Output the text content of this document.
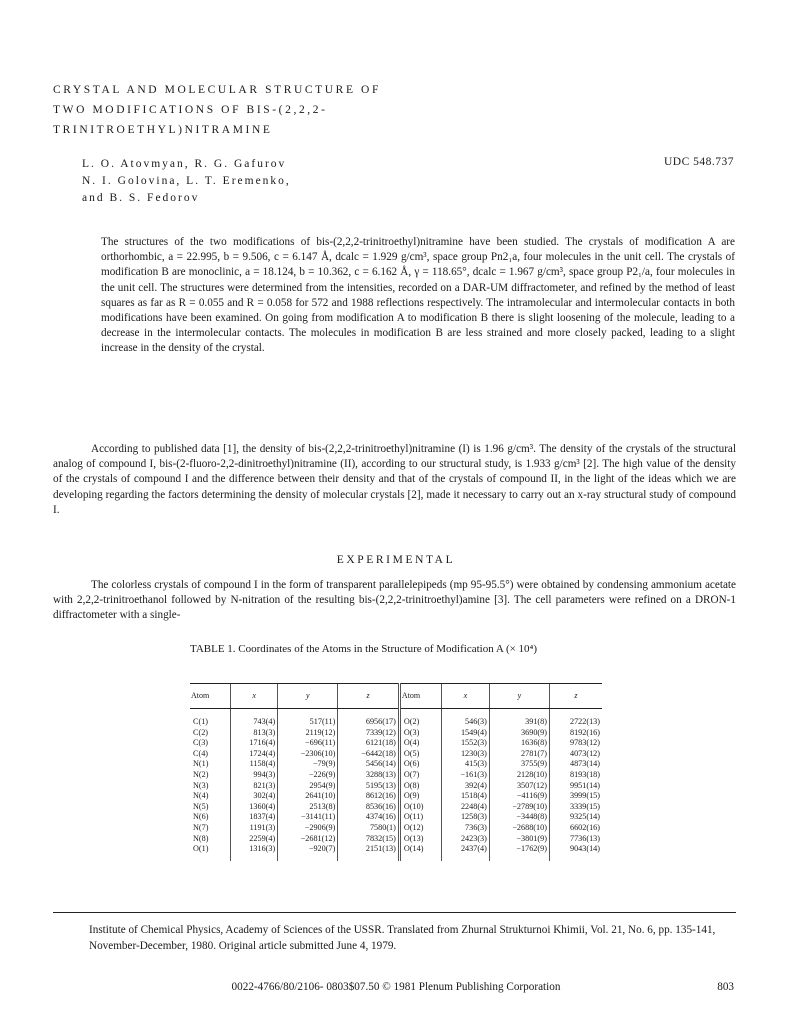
CRYSTAL AND MOLECULAR STRUCTURE OF
TWO MODIFICATIONS OF BIS-(2,2,2-
TRINITROETHYL)NITRAMINE
L. O. Atovmyan, R. G. Gafurov
N. I. Golovina, L. T. Eremenko,
and B. S. Fedorov
UDC 548.737

The structures of the two modifications of bis-(2,2,2-trinitroethyl)nitramine have been studied. The crystals of modification A are orthorhombic, a = 22.995, b = 9.506, c = 6.147 Å, dcalc = 1.929 g/cm³, space group Pn2₁a, four molecules in the unit cell. The crystals of modification B are monoclinic, a = 18.124, b = 10.362, c = 6.162 Å, γ = 118.65°, dcalc = 1.967 g/cm³, space group P2₁/a, four molecules in the unit cell. The structures were determined from the intensities, recorded on a DAR-UM diffractometer, and refined by the method of least squares as far as R = 0.055 and R = 0.058 for 572 and 1988 reflections respectively. The intramolecular and intermolecular contacts in both modifications have been examined. On going from modification A to modification B there is slight loosening of the molecule, leading to a decrease in the intermolecular contacts. The molecules in modification B are less strained and more closely packed, leading to a slight increase in the density of the crystal.

According to published data [1], the density of bis-(2,2,2-trinitroethyl)nitramine (I) is 1.96 g/cm³. The density of the crystals of the structural analog of compound I, bis-(2-fluoro-2,2-dinitroethyl)nitramine (II), according to our structural study, is 1.933 g/cm³ [2]. The high value of the density of the crystals of compound I and the difference between their density and that of the crystals of compound II, in the light of the ideas which we are developing regarding the factors determining the density of molecular crystals [2], made it necessary to carry out an x-ray structural study of compound I.

EXPERIMENTAL

The colorless crystals of compound I in the form of transparent parallelepipeds (mp 95-95.5°) were obtained by condensing ammonium acetate with 2,2,2-trinitroethanol followed by N-nitration of the resulting bis-(2,2,2-trinitroethyl)amine [3]. The cell parameters were refined on a DRON-1 diffractometer with a single-

TABLE 1. Coordinates of the Atoms in the Structure of Modification A (× 10⁴)
Atom	x	y	z	Atom	x	y	z
C(1)	743(4)	517(11)	6956(17)	O(2)	546(3)	391(8)	2722(13)
C(2)	813(3)	2119(12)	7339(12)	O(3)	1549(4)	3690(9)	8192(16)
C(3)	1716(4)	−696(11)	6121(18)	O(4)	1552(3)	1636(8)	9783(12)
C(4)	1724(4)	−2306(10)	−6442(18)	O(5)	1230(3)	2781(7)	4073(12)
N(1)	1158(4)	−79(9)	5456(14)	O(6)	415(3)	3755(9)	4873(14)
N(2)	994(3)	−226(9)	3288(13)	O(7)	−161(3)	2128(10)	8193(18)
N(3)	821(3)	2954(9)	5195(13)	O(8)	392(4)	3507(12)	9951(14)
N(4)	302(4)	2641(10)	8612(16)	O(9)	1518(4)	−4116(9)	3999(15)
N(5)	1360(4)	2513(8)	8536(16)	O(10)	2248(4)	−2789(10)	3339(15)
N(6)	1837(4)	−3141(11)	4374(16)	O(11)	1258(3)	−3448(8)	9325(14)
N(7)	1191(3)	−2906(9)	7580(1)	O(12)	736(3)	−2688(10)	6602(16)
N(8)	2259(4)	−2681(12)	7832(15)	O(13)	2423(3)	−3801(9)	7736(13)
O(1)	1316(3)	−920(7)	2151(13)	O(14)	2437(4)	−1762(9)	9043(14)
Institute of Chemical Physics, Academy of Sciences of the USSR. Translated from Zhurnal Strukturnoi Khimii, Vol. 21, No. 6, pp. 135-141, November-December, 1980. Original article submitted June 4, 1979.
0022-4766/80/2106- 0803$07.50 © 1981 Plenum Publishing Corporation	803
